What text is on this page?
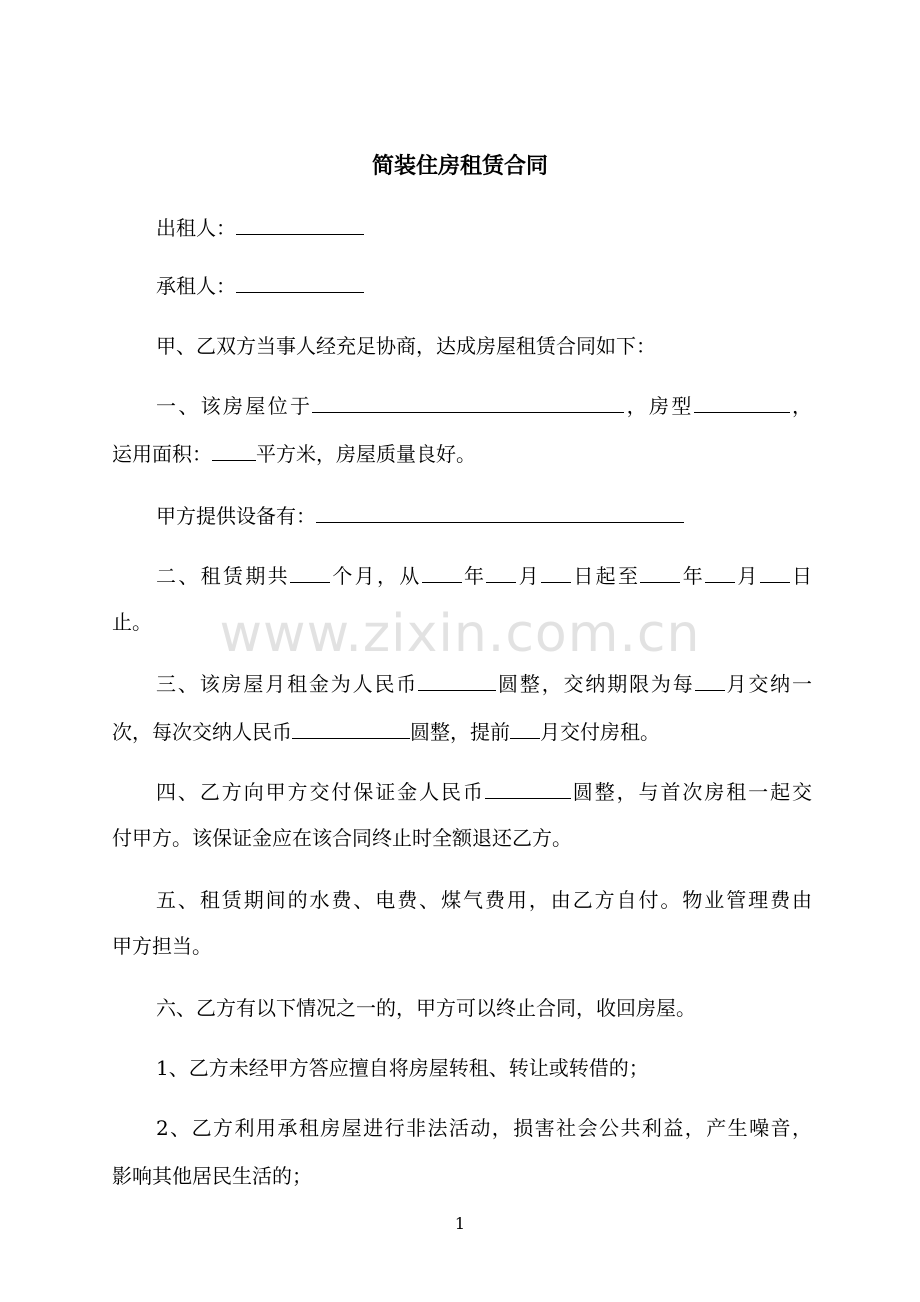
简装住房租赁合同
出租人：
承租人：
甲、乙双方当事人经充足协商，达成房屋租赁合同如下：
一、该房屋位于	，房型	，
运用面积： 平方米，房屋质量良好。
甲方提供设备有：
二、租赁期共 个月，从 年 月 日起至 年 月 日
止。	www.zixin.com.cn
三、该房屋月租金为人民币	圆整，交纳期限为每 月交纳一
次，每次交纳人民币	圆整，提前 月交付房租。
四、乙方向甲方交付保证金人民币	圆整，与首次房租一起交
付甲方。该保证金应在该合同终止时全额退还乙方。
五、租赁期间的水费、电费、煤气费用，由乙方自付。物业管理费由
甲方担当。
六、乙方有以下情况之一的，甲方可以终止合同，收回房屋。
1、乙方未经甲方答应擅自将房屋转租、转让或转借的；
2、乙方利用承租房屋进行非法活动，损害社会公共利益，产生噪音，
影响其他居民生活的；
1
